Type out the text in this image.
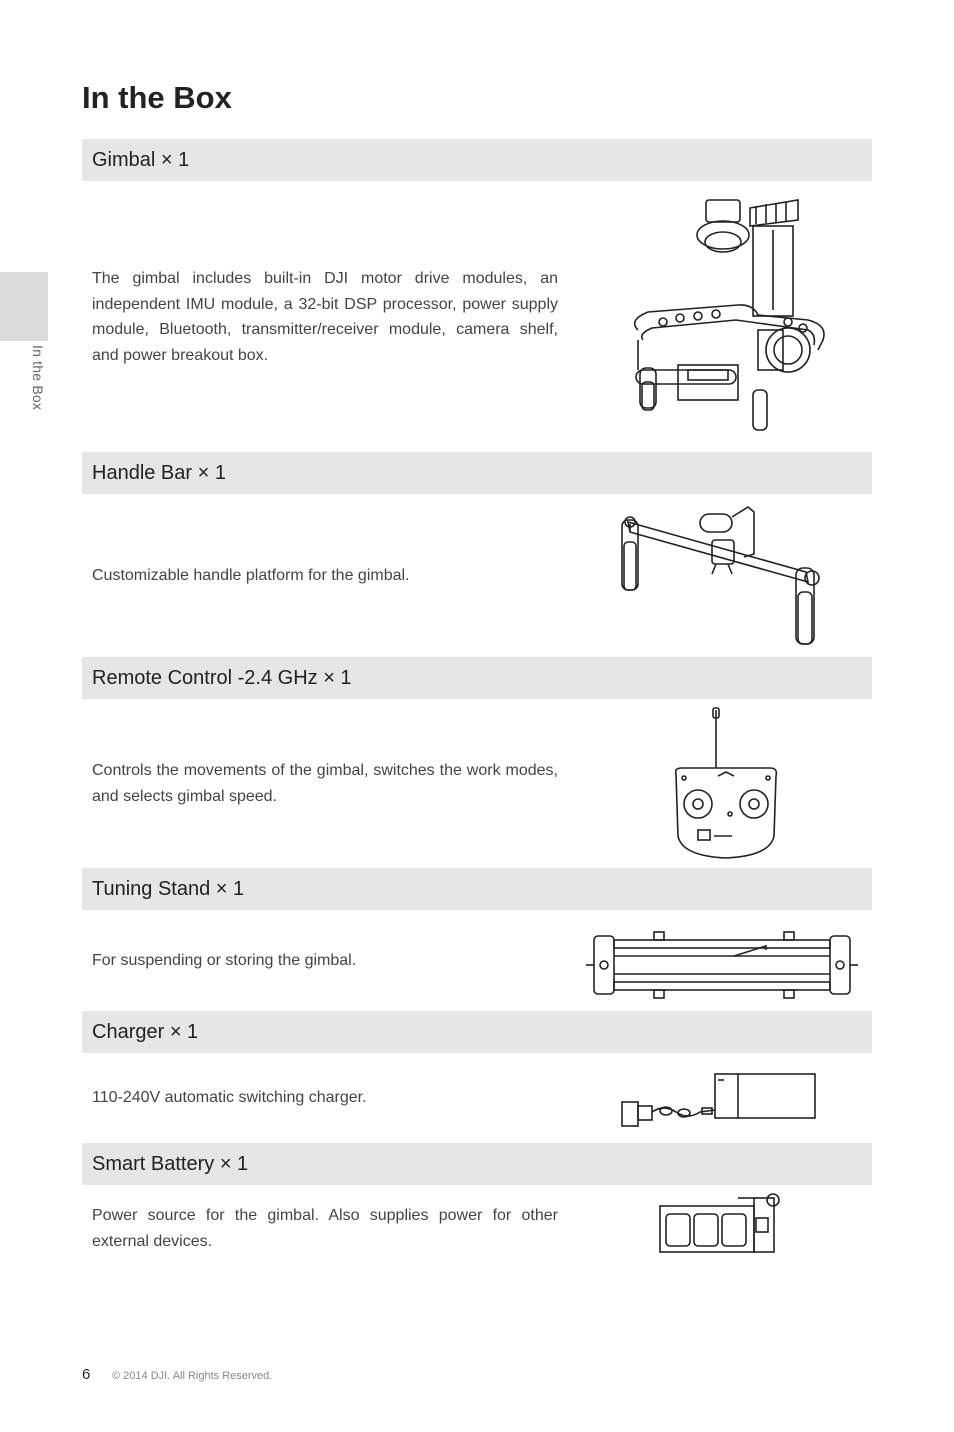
In the Box
In the Box
Gimbal × 1

The gimbal includes built-in DJI motor drive modules, an independent IMU module, a 32-bit DSP processor, power supply module, Bluetooth, transmitter/receiver module, camera shelf, and power breakout box.

Handle Bar × 1

Customizable handle platform for the gimbal.

Remote Control -2.4 GHz × 1

Controls the movements of the gimbal, switches the work modes, and selects gimbal speed.

Tuning Stand × 1

For suspending or storing the gimbal.

Charger × 1

110-240V automatic switching charger.

Smart Battery × 1

Power source for the gimbal. Also supplies power for other external devices.

6 © 2014 DJI. All Rights Reserved.
